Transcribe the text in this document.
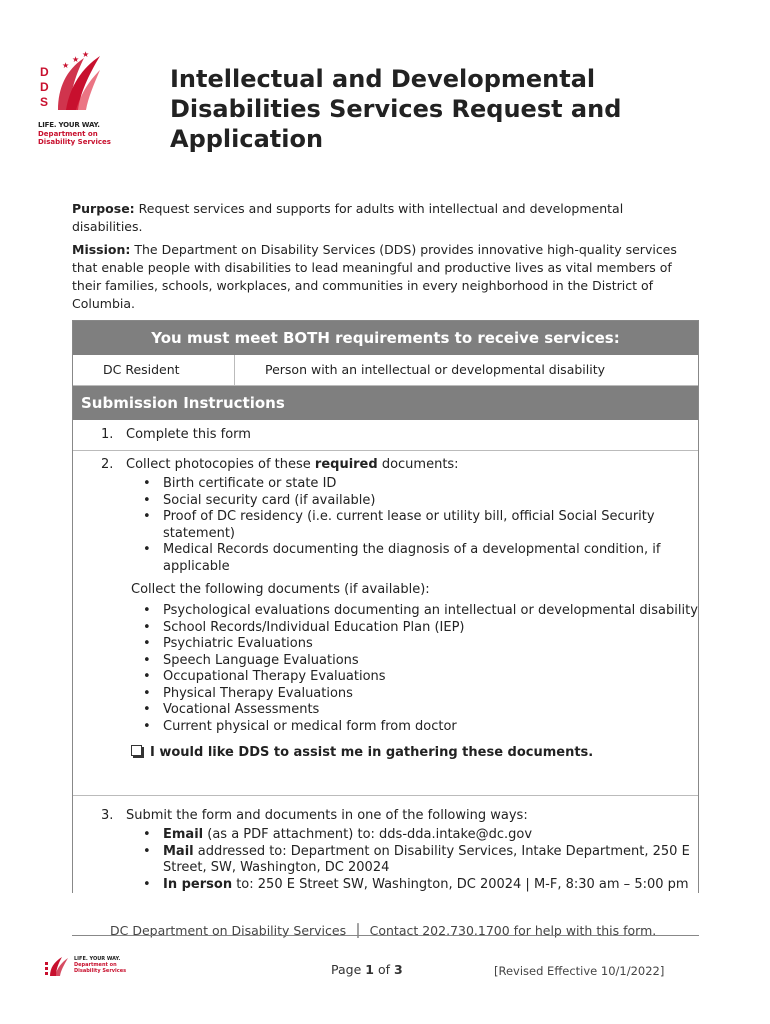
D
D
S
★
★
★
LIFE. YOUR WAY.
Department on
Disability Services
Intellectual and Developmental Disabilities Services Request and Application
Purpose: Request services and supports for adults with intellectual and developmental disabilities.
Mission: The Department on Disability Services (DDS) provides innovative high-quality services that enable people with disabilities to lead meaningful and productive lives as vital members of their families, schools, workplaces, and communities in every neighborhood in the District of Columbia.
You must meet BOTH requirements to receive services:
DC Resident	Person with an intellectual or developmental disability
Submission Instructions
1. Complete this form
2. Collect photocopies of these required documents:
• Birth certificate or state ID
• Social security card (if available)
• Proof of DC residency (i.e. current lease or utility bill, official Social Security statement)
• Medical Records documenting the diagnosis of a developmental condition, if applicable
Collect the following documents (if available):
• Psychological evaluations documenting an intellectual or developmental disability
• School Records/Individual Education Plan (IEP)
• Psychiatric Evaluations
• Speech Language Evaluations
• Occupational Therapy Evaluations
• Physical Therapy Evaluations
• Vocational Assessments
• Current physical or medical form from doctor
I would like DDS to assist me in gathering these documents.
3. Submit the form and documents in one of the following ways:
• Email (as a PDF attachment) to: dds-dda.intake@dc.gov
• Mail addressed to: Department on Disability Services, Intake Department, 250 E Street, SW, Washington, DC 20024
• In person to: 250 E Street SW, Washington, DC 20024 | M-F, 8:30 am – 5:00 pm
DC Department on Disability Services │ Contact 202.730.1700 for help with this form.
LIFE. YOUR WAY.
Department on
Disability Services	Page 1 of 3	[Revised Effective 10/1/2022]
